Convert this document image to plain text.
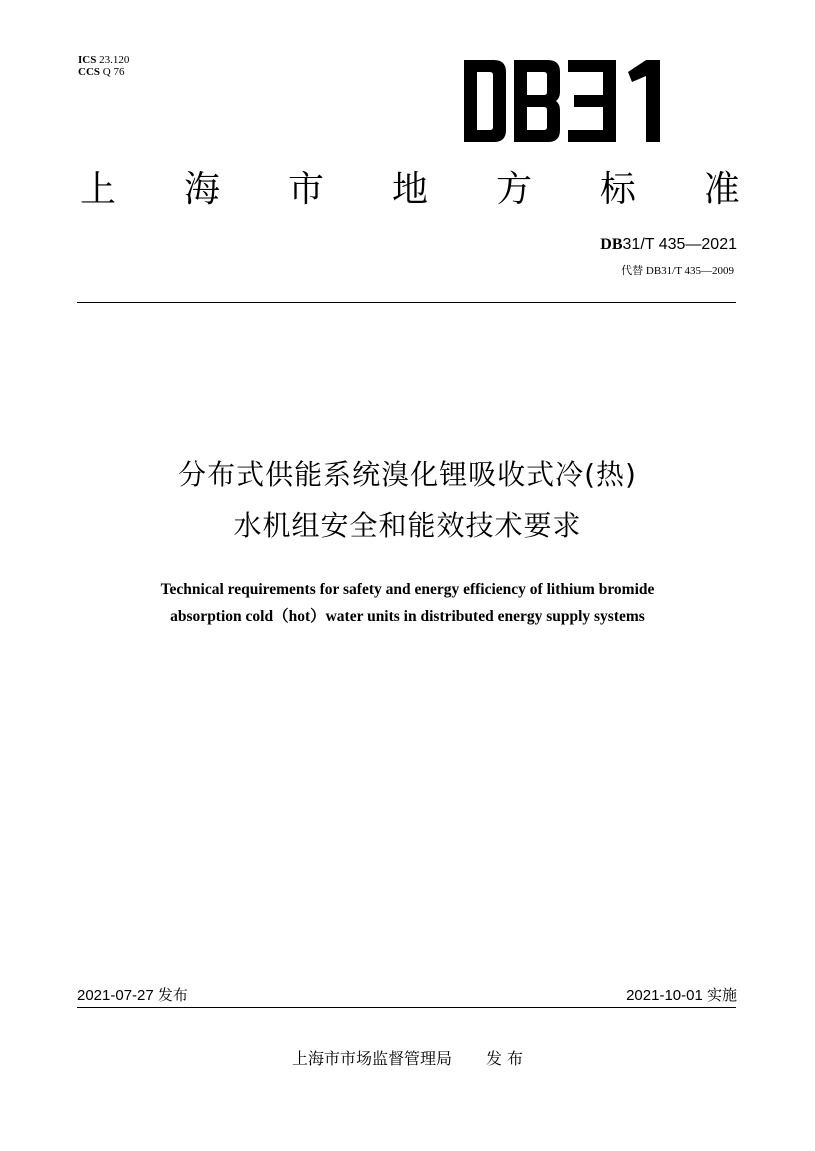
ICS 23.120
CCS Q 76
上 海 市 地 方 标 准
DB31/T 435—2021
代替 DB31/T 435—2009
分布式供能系统溴化锂吸收式冷(热)
水机组安全和能效技术要求
Technical requirements for safety and energy efficiency of lithium bromide
absorption cold（hot）water units in distributed energy supply systems
2021-07-27 发布	2021-10-01 实施
上海市市场监督管理局 发 布
